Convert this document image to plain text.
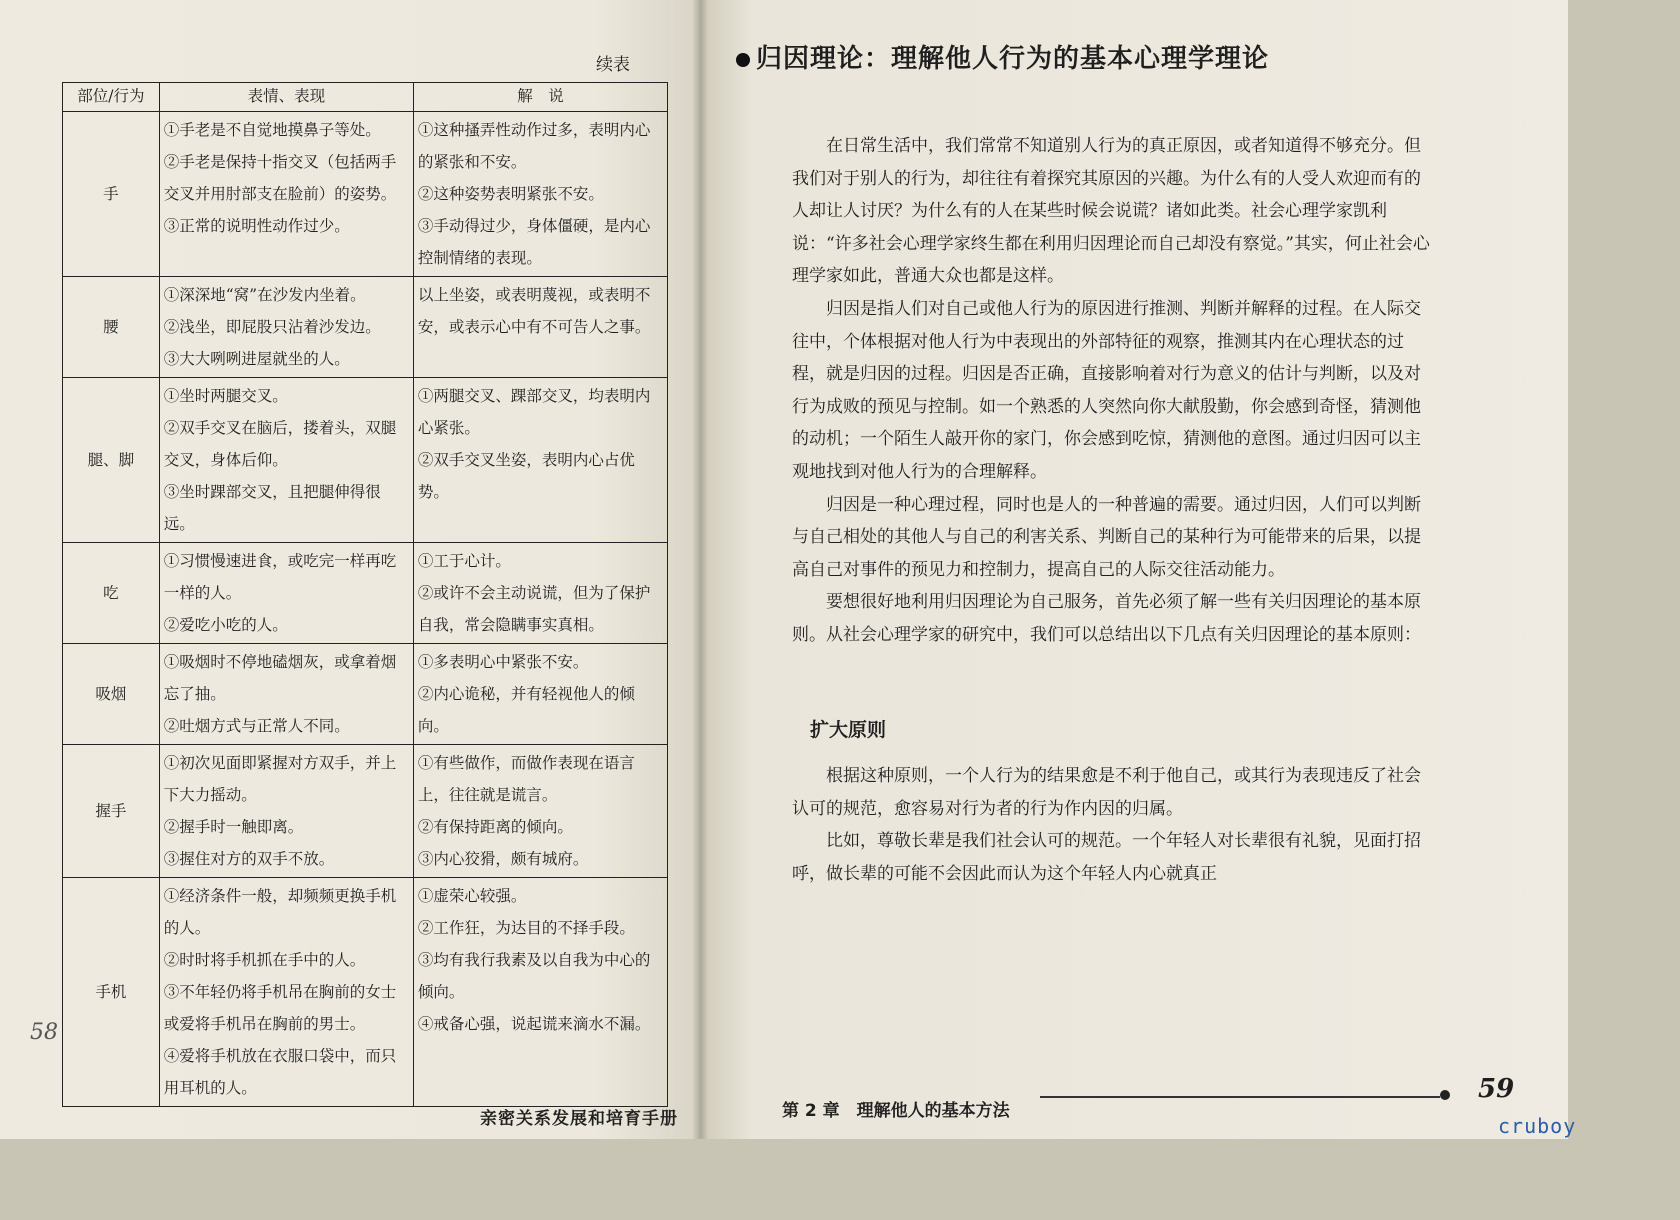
续表
部位/行为	表情、表现	解　说
手	①手老是不自觉地摸鼻子等处。
②手老是保持十指交叉（包括两手交叉并用肘部支在脸前）的姿势。
③正常的说明性动作过少。	①这种搔弄性动作过多，表明内心的紧张和不安。
②这种姿势表明紧张不安。
③手动得过少，身体僵硬，是内心控制情绪的表现。

腰	①深深地“窝”在沙发内坐着。
②浅坐，即屁股只沾着沙发边。
③大大咧咧进屋就坐的人。	以上坐姿，或表明蔑视，或表明不安，或表示心中有不可告人之事。

腿、脚	①坐时两腿交叉。
②双手交叉在脑后，搂着头，双腿交叉，身体后仰。
③坐时踝部交叉，且把腿伸得很远。	①两腿交叉、踝部交叉，均表明内心紧张。
②双手交叉坐姿，表明内心占优势。

吃	①习惯慢速进食，或吃完一样再吃一样的人。
②爱吃小吃的人。	①工于心计。
②或许不会主动说谎，但为了保护自我，常会隐瞒事实真相。

吸烟	①吸烟时不停地磕烟灰，或拿着烟忘了抽。
②吐烟方式与正常人不同。	①多表明心中紧张不安。
②内心诡秘，并有轻视他人的倾向。

握手	①初次见面即紧握对方双手，并上下大力摇动。
②握手时一触即离。
③握住对方的双手不放。	①有些做作，而做作表现在语言上，往往就是谎言。
②有保持距离的倾向。
③内心狡猾，颇有城府。

手机	①经济条件一般，却频频更换手机的人。
②时时将手机抓在手中的人。
③不年轻仍将手机吊在胸前的女士或爱将手机吊在胸前的男士。
④爱将手机放在衣服口袋中，而只用耳机的人。	①虚荣心较强。
②工作狂，为达目的不择手段。
③均有我行我素及以自我为中心的倾向。
④戒备心强，说起谎来滴水不漏。
58
亲密关系发展和培育手册
归因理论：理解他人行为的基本心理学理论

在日常生活中，我们常常不知道别人行为的真正原因，或者知道得不够充分。但我们对于别人的行为，却往往有着探究其原因的兴趣。为什么有的人受人欢迎而有的人却让人讨厌？为什么有的人在某些时候会说谎？诸如此类。社会心理学家凯利说：“许多社会心理学家终生都在利用归因理论而自己却没有察觉。”其实，何止社会心理学家如此，普通大众也都是这样。

归因是指人们对自己或他人行为的原因进行推测、判断并解释的过程。在人际交往中，个体根据对他人行为中表现出的外部特征的观察，推测其内在心理状态的过程，就是归因的过程。归因是否正确，直接影响着对行为意义的估计与判断，以及对行为成败的预见与控制。如一个熟悉的人突然向你大献殷勤，你会感到奇怪，猜测他的动机；一个陌生人敲开你的家门，你会感到吃惊，猜测他的意图。通过归因可以主观地找到对他人行为的合理解释。

归因是一种心理过程，同时也是人的一种普遍的需要。通过归因，人们可以判断与自己相处的其他人与自己的利害关系、判断自己的某种行为可能带来的后果，以提高自己对事件的预见力和控制力，提高自己的人际交往活动能力。

要想很好地利用归因理论为自己服务，首先必须了解一些有关归因理论的基本原则。从社会心理学家的研究中，我们可以总结出以下几点有关归因理论的基本原则：

扩大原则

根据这种原则，一个人行为的结果愈是不利于他自己，或其行为表现违反了社会认可的规范，愈容易对行为者的行为作内因的归属。

比如，尊敬长辈是我们社会认可的规范。一个年轻人对长辈很有礼貌，见面打招呼，做长辈的可能不会因此而认为这个年轻人内心就真正

第 2 章　理解他人的基本方法
59
cruboy
